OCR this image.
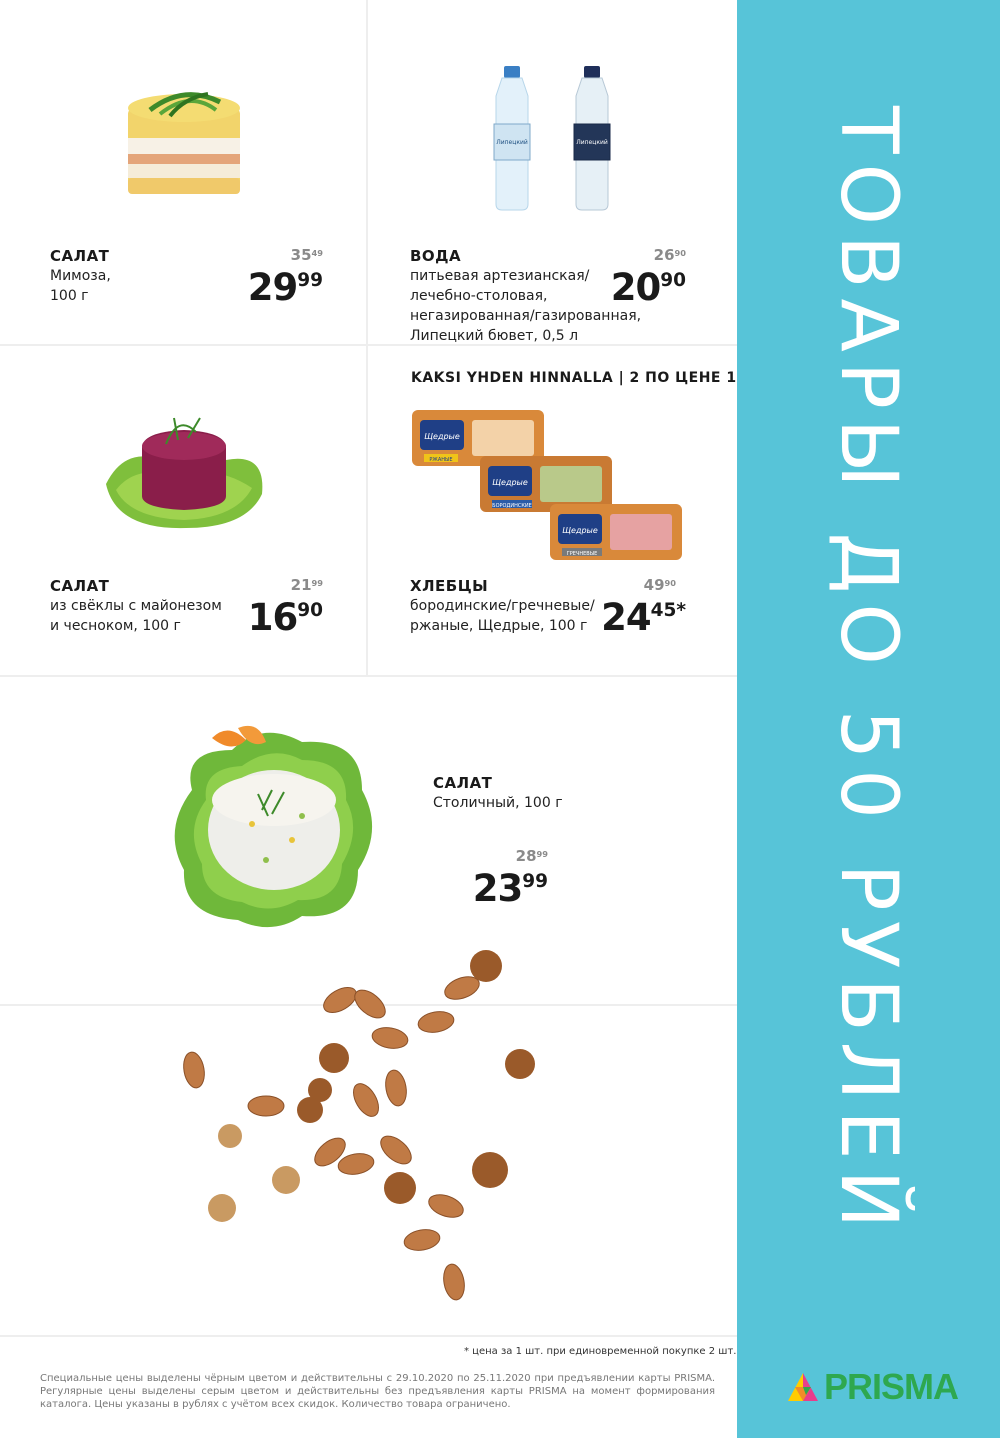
САЛАТ
Мимоза,
100 г
$35^{49}$
$29^{99}$
Липецкий	Липецкий
ВОДА
питьевая артезианская/
лечебно-столовая,
негазированная/газированная,
Липецкий бювет, 0,5 л
$26^{90}$
$20^{90}$
САЛАТ
из свёклы с майонезом
и чесноком, 100 г
$21^{99}$
$16^{90}$
KAKSI YHDEN HINNALLA | 2 ПО ЦЕНЕ 1
Щедрые
РЖАНЫЕ
Щедрые
БОРОДИНСКИЕ
Щедрые
ГРЕЧНЕВЫЕ
ХЛЕБЦЫ
бородинские/гречневые/
ржаные, Щедрые, 100 г
$49^{90}$
$24^{45*}$
САЛАТ
Столичный, 100 г
$28^{99}$
$23^{99}$
* цена за 1 шт. при единовременной покупке 2 шт.
Специальные цены выделены чёрным цветом и действительны с 29.10.2020 по 25.11.2020 при предъявлении карты PRISMA. Регулярные цены выделены серым цветом и действительны без предъявления карты PRISMA на момент формирования каталога. Цены указаны в рублях с учётом всех скидок. Количество товара ограничено.
ТОВАРЫ ДО 50 РУБЛЕЙ
PRISMA
